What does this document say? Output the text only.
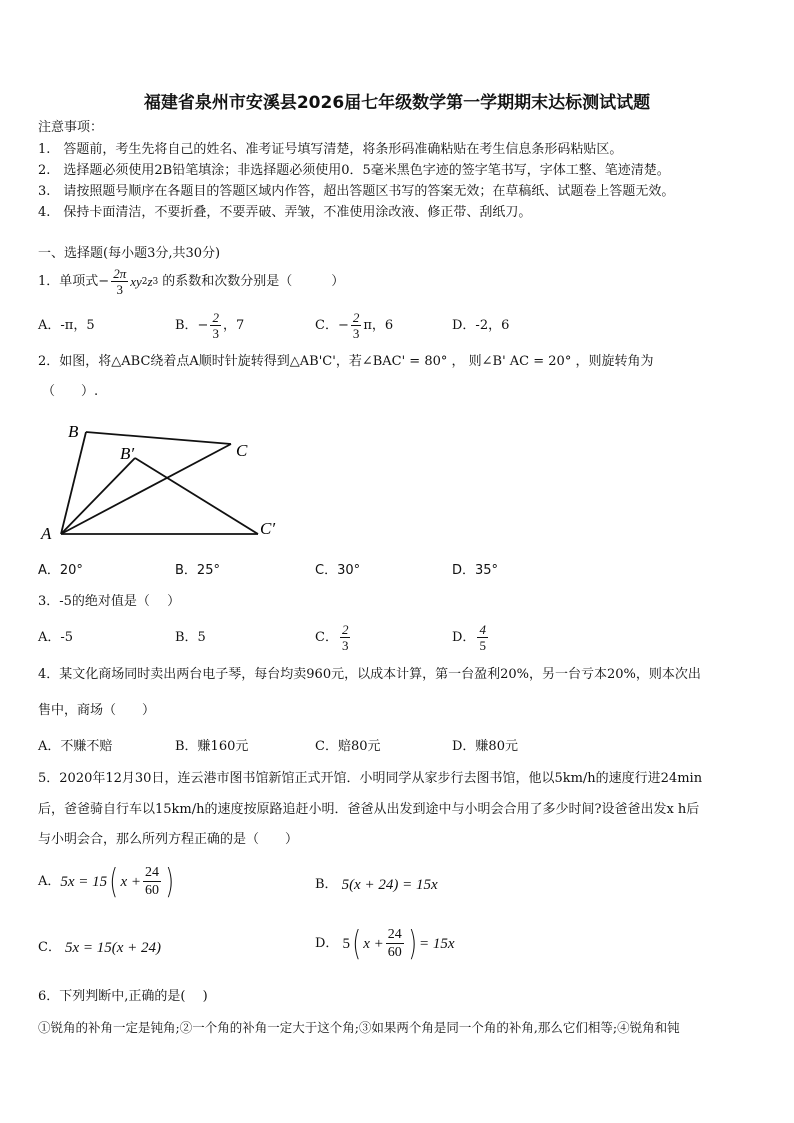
福建省泉州市安溪县2026届七年级数学第一学期期末达标测试试题
注意事项：
1.　答题前，考生先将自己的姓名、准考证号填写清楚，将条形码准确粘贴在考生信息条形码粘贴区。
2.　选择题必须使用2B铅笔填涂；非选择题必须使用0．5毫米黑色字迹的签字笔书写，字体工整、笔迹清楚。
3.　请按照题号顺序在各题目的答题区域内作答，超出答题区书写的答案无效；在草稿纸、试题卷上答题无效。
4.　保持卡面清洁，不要折叠，不要弄破、弄皱，不准使用涂改液、修正带、刮纸刀。
一、选择题(每小题3分,共30分)
1． 单项式− $\frac{2\pi}{3}$ xy 2 z 3 的系数和次数分别是（　　　）
A．-π，5	B．− $\frac{2}{3}$ ，7	C．− $\frac{2}{3}$ π，6	D．-2，6
2．如图，将△ABC绕着点A顺时针旋转得到△AB'C'，若∠BAC' = 80° ， 则∠B' AC = 20° ，则旋转角为
（　　）.
B
B′	C
A	C′
A．20°	B．25°	C．30°	D．35°
3．-5的绝对值是（　 ）
A．-5	B．5	C． $\frac{2}{3}$	D． $\frac{4}{5}$
4．某文化商场同时卖出两台电子琴，每台均卖960元，以成本计算，第一台盈利20%，另一台亏本20%，则本次出
售中，商场（　　）
A．不赚不赔	B．赚160元	C．赔80元	D．赚80元
5．2020年12月30日，连云港市图书馆新馆正式开馆．小明同学从家步行去图书馆，他以5km/h的速度行进24min
后，爸爸骑自行车以15km/h的速度按原路追赶小明．爸爸从出发到途中与小明会合用了多少时间?设爸爸出发x h后
与小明会合，那么所列方程正确的是（　　）
A． 5x = 15 ( $x + \frac{24}{60}$ )	B． 5(x + 24) = 15x
C． 5x = 15(x + 24)	D． 5 ( $x + \frac{24}{60}$ ) = 15x
6．下列判断中,正确的是(　 )
①锐角的补角一定是钝角;②一个角的补角一定大于这个角;③如果两个角是同一个角的补角,那么它们相等;④锐角和钝
